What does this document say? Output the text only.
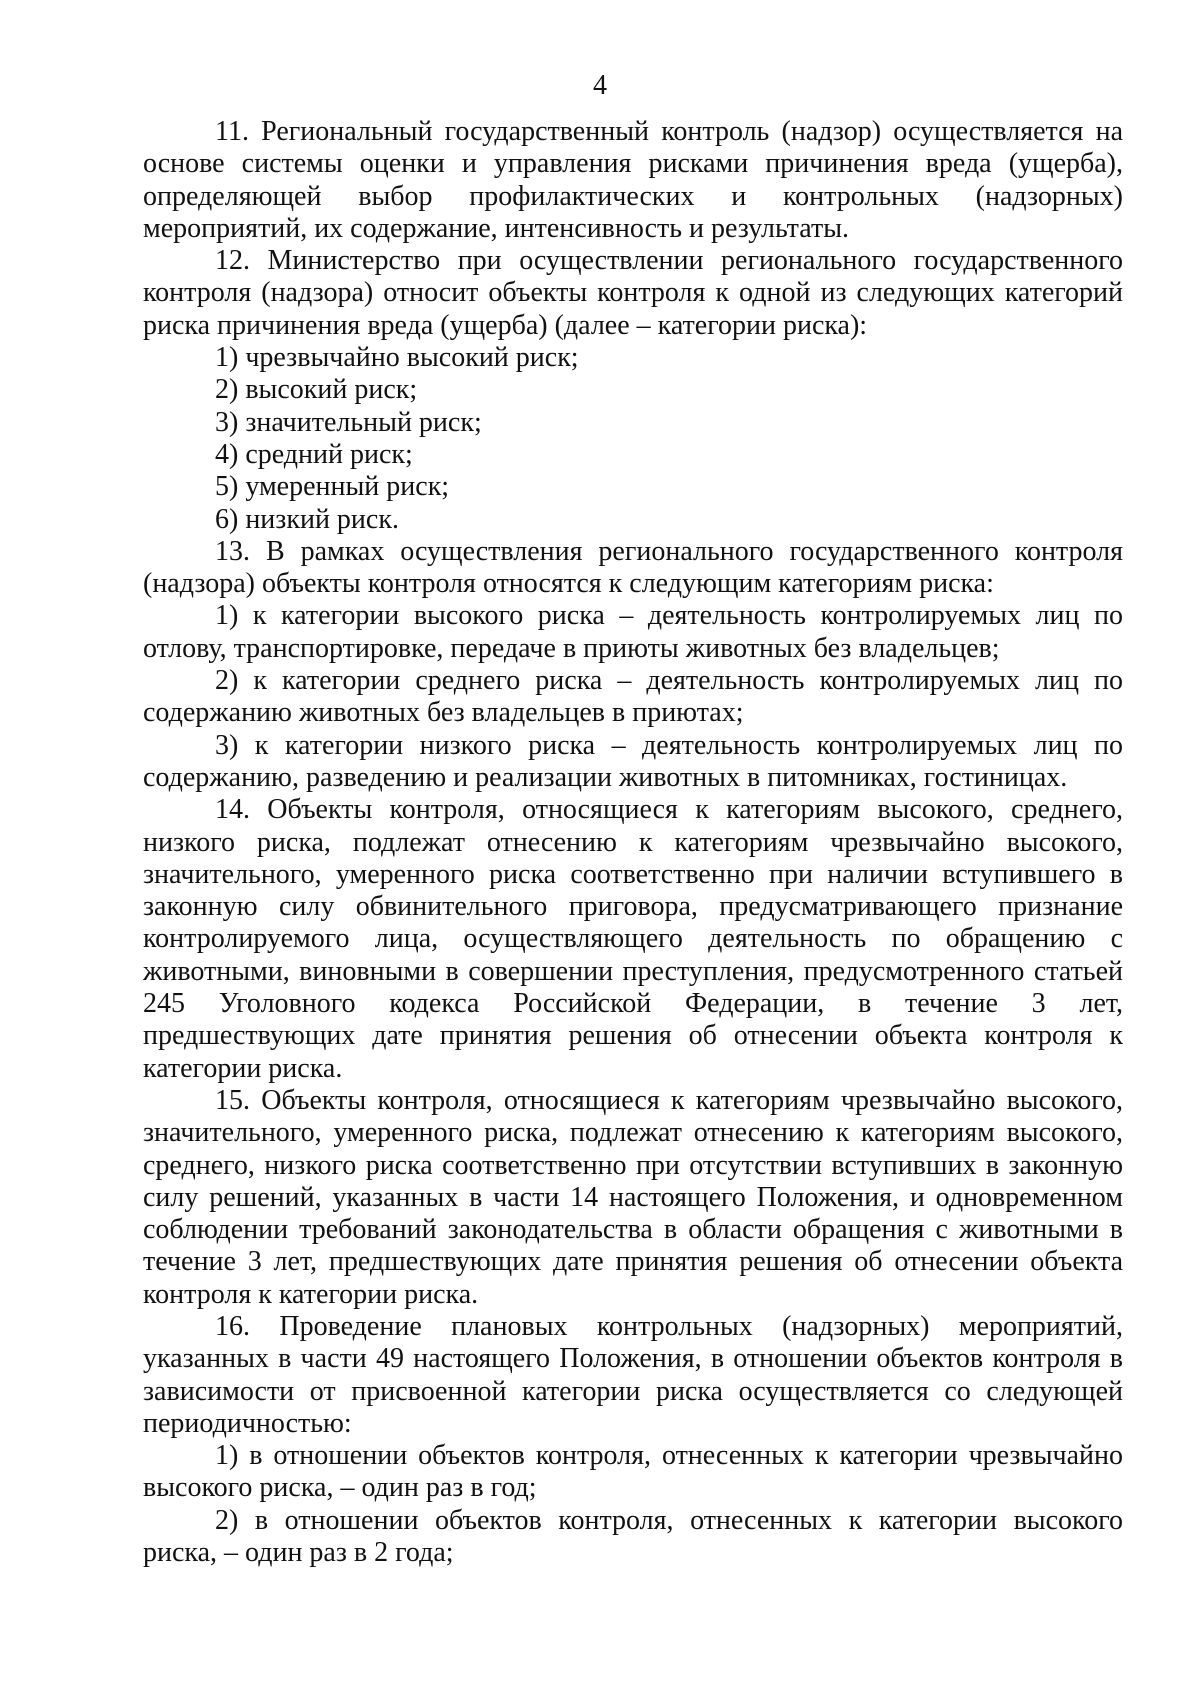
4

11. Региональный государственный контроль (надзор) осуществляется на основе системы оценки и управления рисками причинения вреда (ущерба), определяющей выбор профилактических и контрольных (надзорных) мероприятий, их содержание, интенсивность и результаты.

12. Министерство при осуществлении регионального государственного контроля (надзора) относит объекты контроля к одной из следующих категорий риска причинения вреда (ущерба) (далее – категории риска):

1) чрезвычайно высокий риск;
2) высокий риск;
3) значительный риск;
4) средний риск;
5) умеренный риск;
6) низкий риск.

13. В рамках осуществления регионального государственного контроля (надзора) объекты контроля относятся к следующим категориям риска:

1) к категории высокого риска – деятельность контролируемых лиц по отлову, транспортировке, передаче в приюты животных без владельцев;
2) к категории среднего риска – деятельность контролируемых лиц по содержанию животных без владельцев в приютах;
3) к категории низкого риска – деятельность контролируемых лиц по содержанию, разведению и реализации животных в питомниках, гостиницах.

14. Объекты контроля, относящиеся к категориям высокого, среднего, низкого риска, подлежат отнесению к категориям чрезвычайно высокого, значительного, умеренного риска соответственно при наличии вступившего в законную силу обвинительного приговора, предусматривающего признание контролируемого лица, осуществляющего деятельность по обращению с животными, виновными в совершении преступления, предусмотренного статьей 245 Уголовного кодекса Российской Федерации, в течение 3 лет, предшествующих дате принятия решения об отнесении объекта контроля к категории риска.

15. Объекты контроля, относящиеся к категориям чрезвычайно высокого, значительного, умеренного риска, подлежат отнесению к категориям высокого, среднего, низкого риска соответственно при отсутствии вступивших в законную силу решений, указанных в части 14 настоящего Положения, и одновременном соблюдении требований законодательства в области обращения с животными в течение 3 лет, предшествующих дате принятия решения об отнесении объекта контроля к категории риска.

16. Проведение плановых контрольных (надзорных) мероприятий, указанных в части 49 настоящего Положения, в отношении объектов контроля в зависимости от присвоенной категории риска осуществляется со следующей периодичностью:

1) в отношении объектов контроля, отнесенных к категории чрезвычайно высокого риска, – один раз в год;
2) в отношении объектов контроля, отнесенных к категории высокого риска, – один раз в 2 года;
